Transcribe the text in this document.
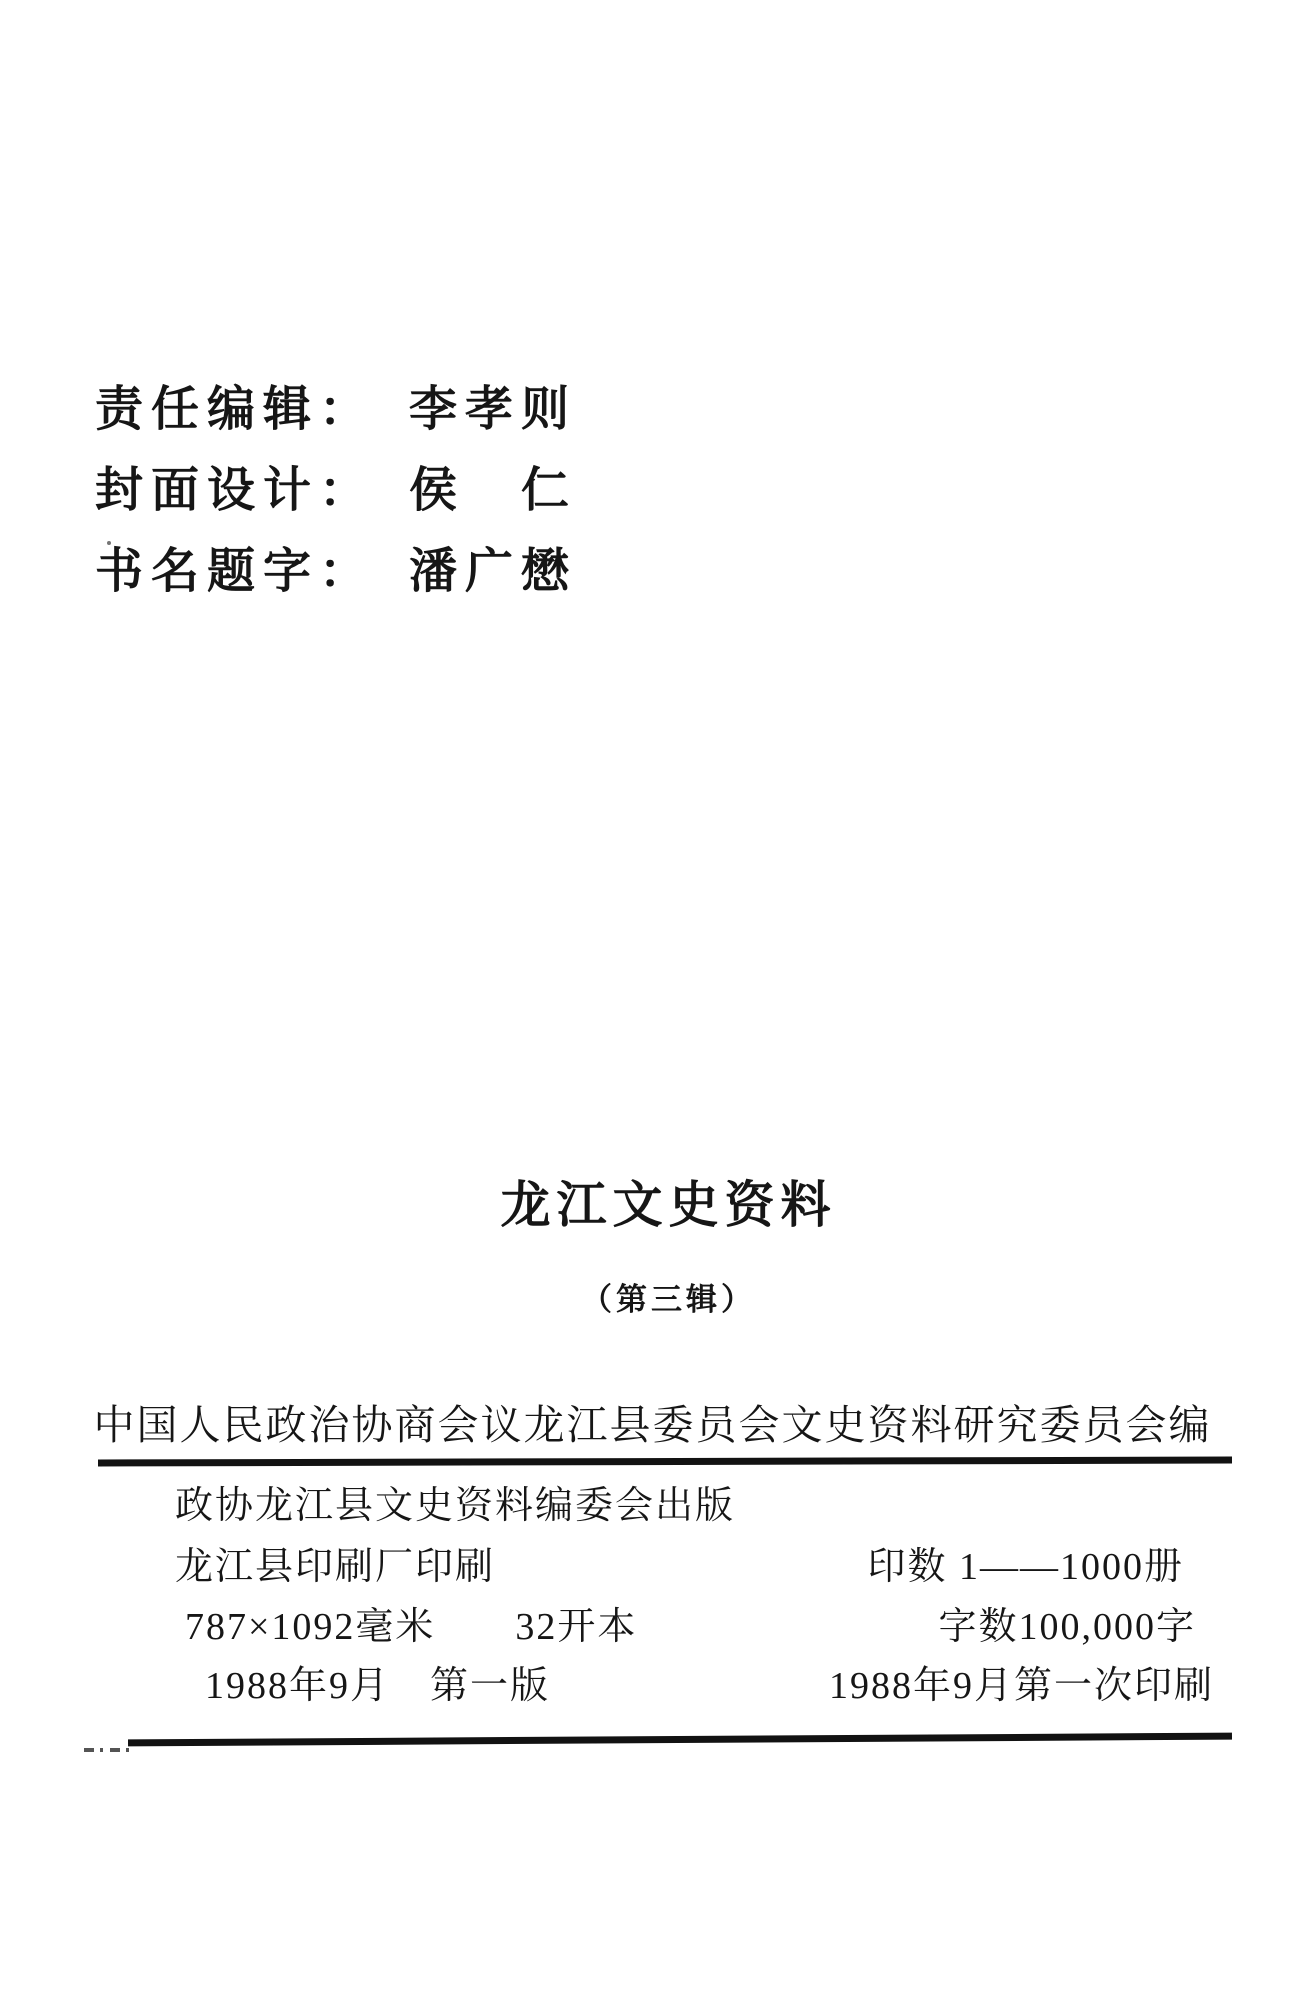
责任编辑： 李孝则
封面设计： 侯　仁
书名题字： 潘广懋
龙江文史资料
（第三辑）
中国人民政治协商会议龙江县委员会文史资料研究委员会编
政协龙江县文史资料编委会出版
龙江县印刷厂印刷	印数 1——1000册
787×1092毫米　　32开本	字数100,000字
1988年9月　第一版	1988年9月第一次印刷
